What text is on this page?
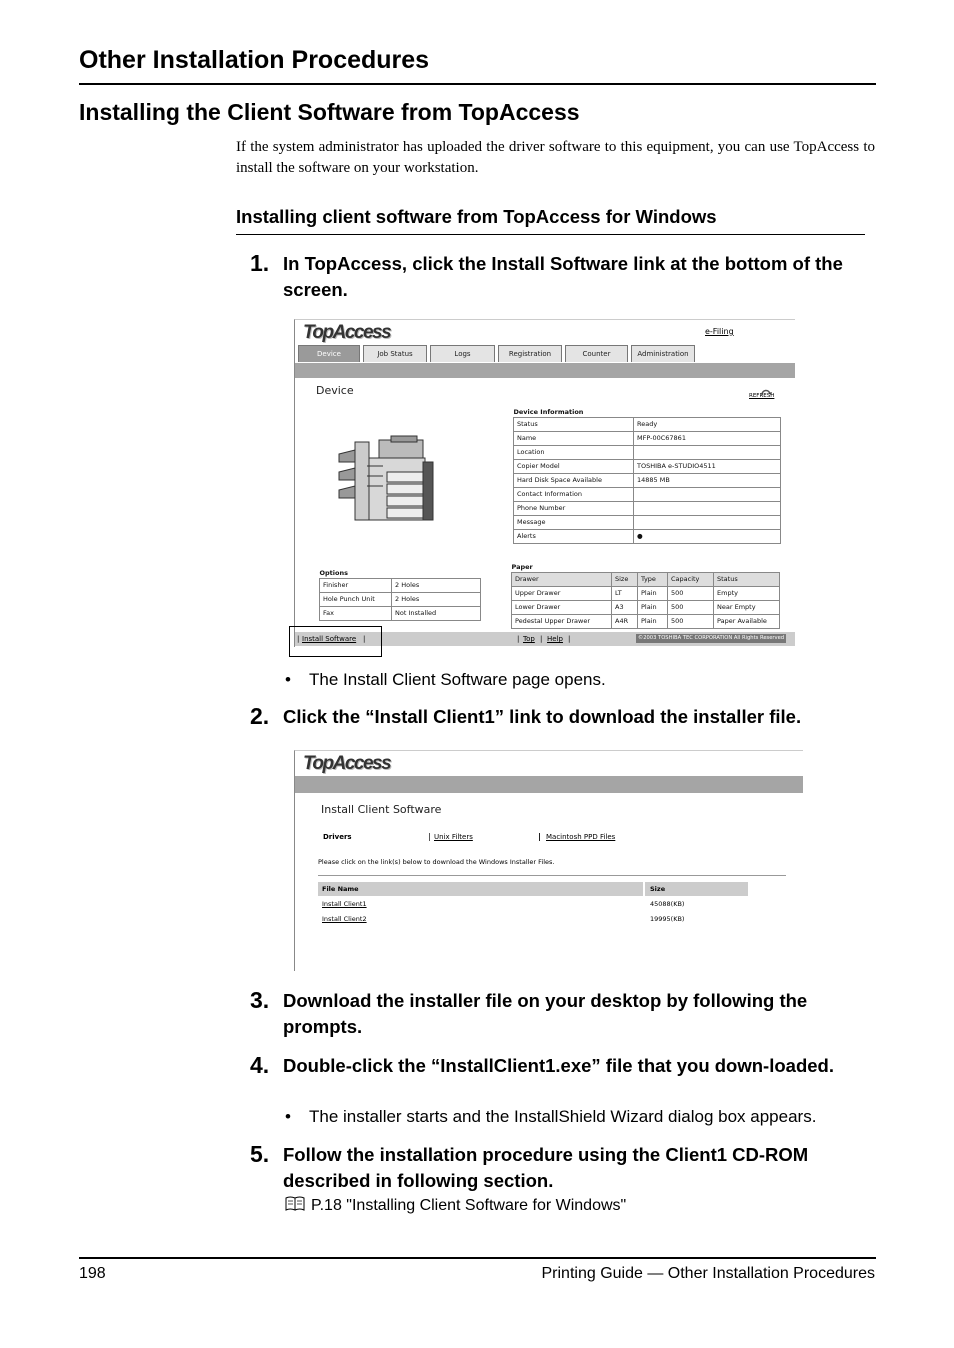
Other Installation Procedures
Installing the Client Software from TopAccess
If the system administrator has uploaded the driver software to this equipment, you can use TopAccess to install the software on your workstation.
Installing client software from TopAccess for Windows
1. In TopAccess, click the Install Software link at the bottom of the screen.
TopAccess	e-Filing
Device	Job Status	Logs	Registration	Counter	Administration
Device	REFRESH
Device Information	
Status	Ready
Name	MFP-00C67861
Location	
Copier Model	TOSHIBA e-STUDIO4511
Hard Disk Space Available	14885 MB
Contact Information	
Phone Number	
Message	
Alerts	●
Options	
Finisher	2 Holes
Hole Punch Unit	2 Holes
Fax	Not Installed
Paper				
Drawer	Size	Type	Capacity	Status
Upper Drawer	LT	Plain	500	Empty
Lower Drawer	A3	Plain	500	Near Empty
Pedestal Upper Drawer	A4R	Plain	500	Paper Available
| Install Software |	| Top | Help |	©2003 TOSHIBA TEC CORPORATION All Rights Reserved
• The Install Client Software page opens.
2. Click the “Install Client1” link to download the installer file.
TopAccess
Install Client Software
Drivers	| Unix Filters	| Macintosh PPD Files
Please click on the link(s) below to download the Windows Installer Files.
File Name	Size
Install Client1	45088(KB)
Install Client2	19995(KB)
3. Download the installer file on your desktop by following the prompts.
4. Double-click the “InstallClient1.exe” file that you down-loaded.
• The installer starts and the InstallShield Wizard dialog box appears.
5. Follow the installation procedure using the Client1 CD-ROM described in following section.
P.18 "Installing Client Software for Windows"
198	Printing Guide — Other Installation Procedures
